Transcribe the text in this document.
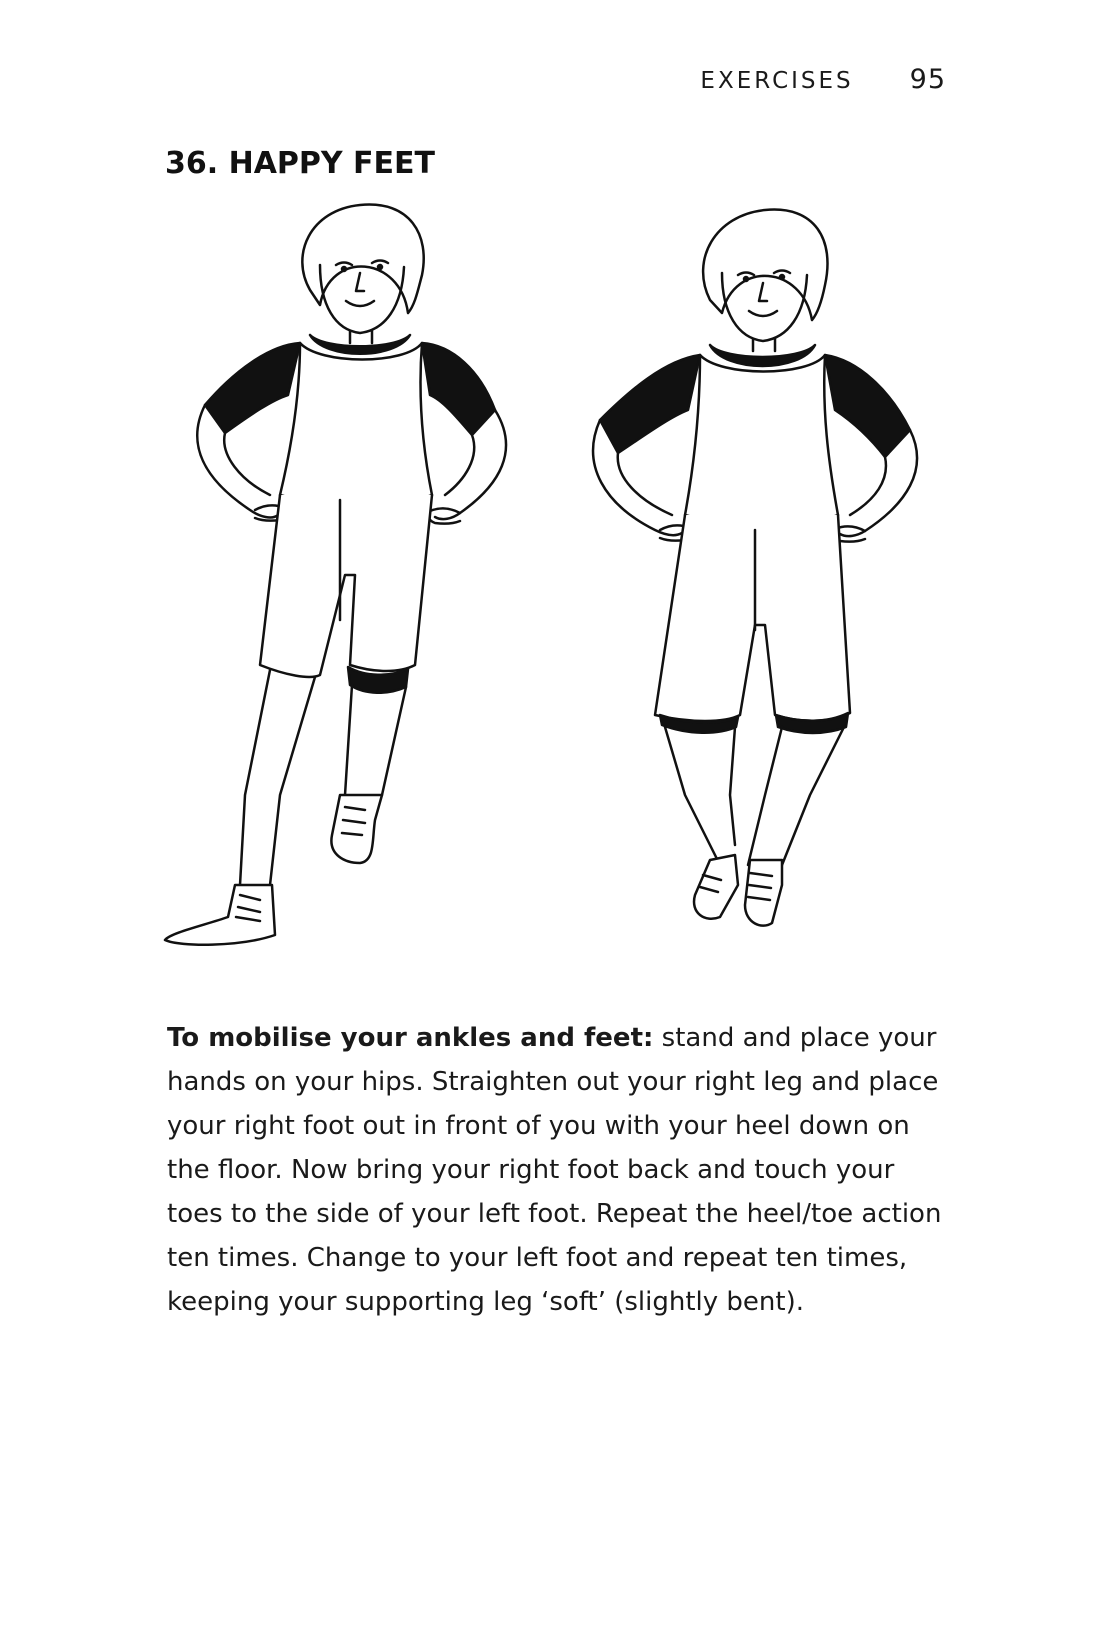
EXERCISES 95
36. HAPPY FEET

To mobilise your ankles and feet: stand and place your hands on your hips. Straighten out your right leg and place your right foot out in front of you with your heel down on the floor. Now bring your right foot back and touch your toes to the side of your left foot. Repeat the heel/toe action ten times. Change to your left foot and repeat ten times, keeping your supporting leg ‘soft’ (slightly bent).
